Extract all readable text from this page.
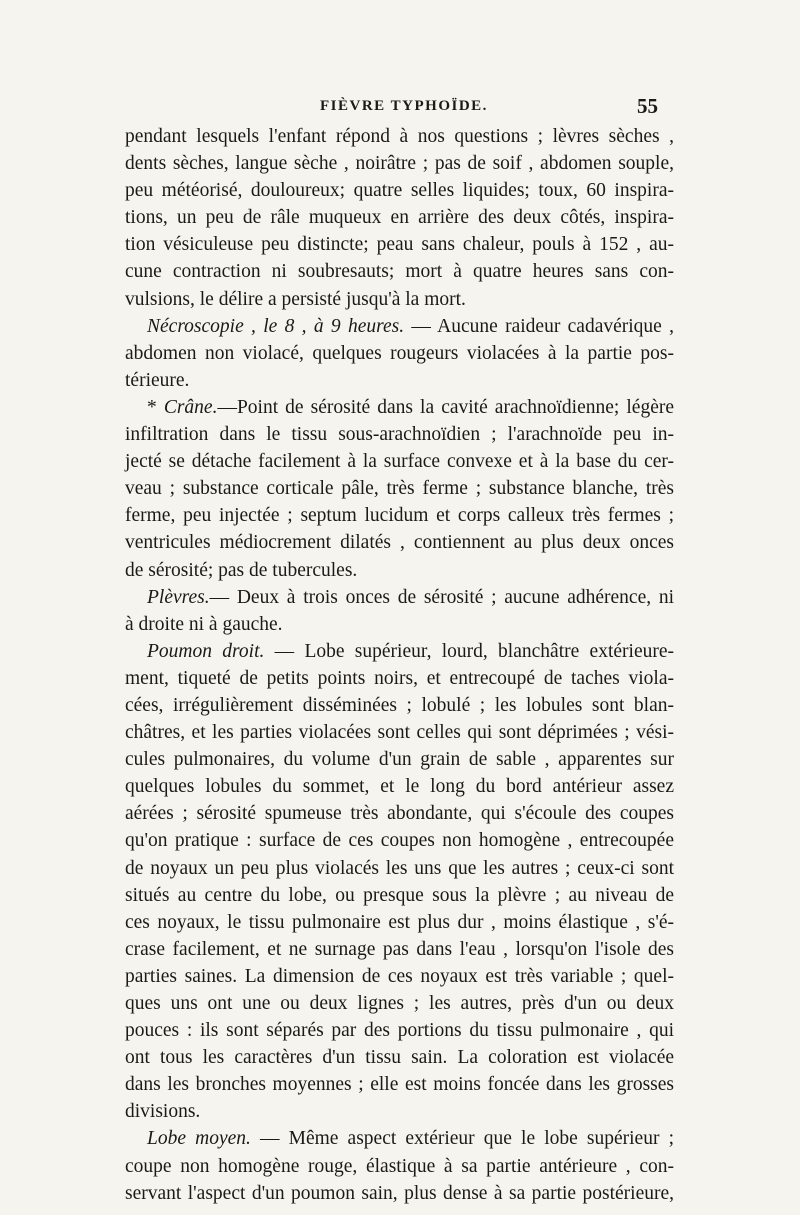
FIÈVRE TYPHOÏDE.	55
pendant lesquels l'enfant répond à nos questions ; lèvres sèches ,
dents sèches, langue sèche , noirâtre ; pas de soif , abdomen souple,
peu météorisé, douloureux; quatre selles liquides; toux, 60 inspira-
tions, un peu de râle muqueux en arrière des deux côtés, inspira-
tion vésiculeuse peu distincte; peau sans chaleur, pouls à 152 , au-
cune contraction ni soubresauts; mort à quatre heures sans con-
vulsions, le délire a persisté jusqu'à la mort.
Nécroscopie , le 8 , à 9 heures. — Aucune raideur cadavérique ,
abdomen non violacé, quelques rougeurs violacées à la partie pos-
térieure.
* Crâne.—Point de sérosité dans la cavité arachnoïdienne; légère
infiltration dans le tissu sous-arachnoïdien ; l'arachnoïde peu in-
jecté se détache facilement à la surface convexe et à la base du cer-
veau ; substance corticale pâle, très ferme ; substance blanche, très
ferme, peu injectée ; septum lucidum et corps calleux très fermes ;
ventricules médiocrement dilatés , contiennent au plus deux onces
de sérosité; pas de tubercules.
Plèvres.— Deux à trois onces de sérosité ; aucune adhérence, ni
à droite ni à gauche.
Poumon droit. — Lobe supérieur, lourd, blanchâtre extérieure-
ment, tiqueté de petits points noirs, et entrecoupé de taches viola-
cées, irrégulièrement disséminées ; lobulé ; les lobules sont blan-
châtres, et les parties violacées sont celles qui sont déprimées ; vési-
cules pulmonaires, du volume d'un grain de sable , apparentes sur
quelques lobules du sommet, et le long du bord antérieur assez
aérées ; sérosité spumeuse très abondante, qui s'écoule des coupes
qu'on pratique : surface de ces coupes non homogène , entrecoupée
de noyaux un peu plus violacés les uns que les autres ; ceux-ci sont
situés au centre du lobe, ou presque sous la plèvre ; au niveau de
ces noyaux, le tissu pulmonaire est plus dur , moins élastique , s'é-
crase facilement, et ne surnage pas dans l'eau , lorsqu'on l'isole des
parties saines. La dimension de ces noyaux est très variable ; quel-
ques uns ont une ou deux lignes ; les autres, près d'un ou deux
pouces : ils sont séparés par des portions du tissu pulmonaire , qui
ont tous les caractères d'un tissu sain. La coloration est violacée
dans les bronches moyennes ; elle est moins foncée dans les grosses
divisions.
Lobe moyen. — Même aspect extérieur que le lobe supérieur ;
coupe non homogène rouge, élastique à sa partie antérieure , con-
servant l'aspect d'un poumon sain, plus dense à sa partie postérieure,
